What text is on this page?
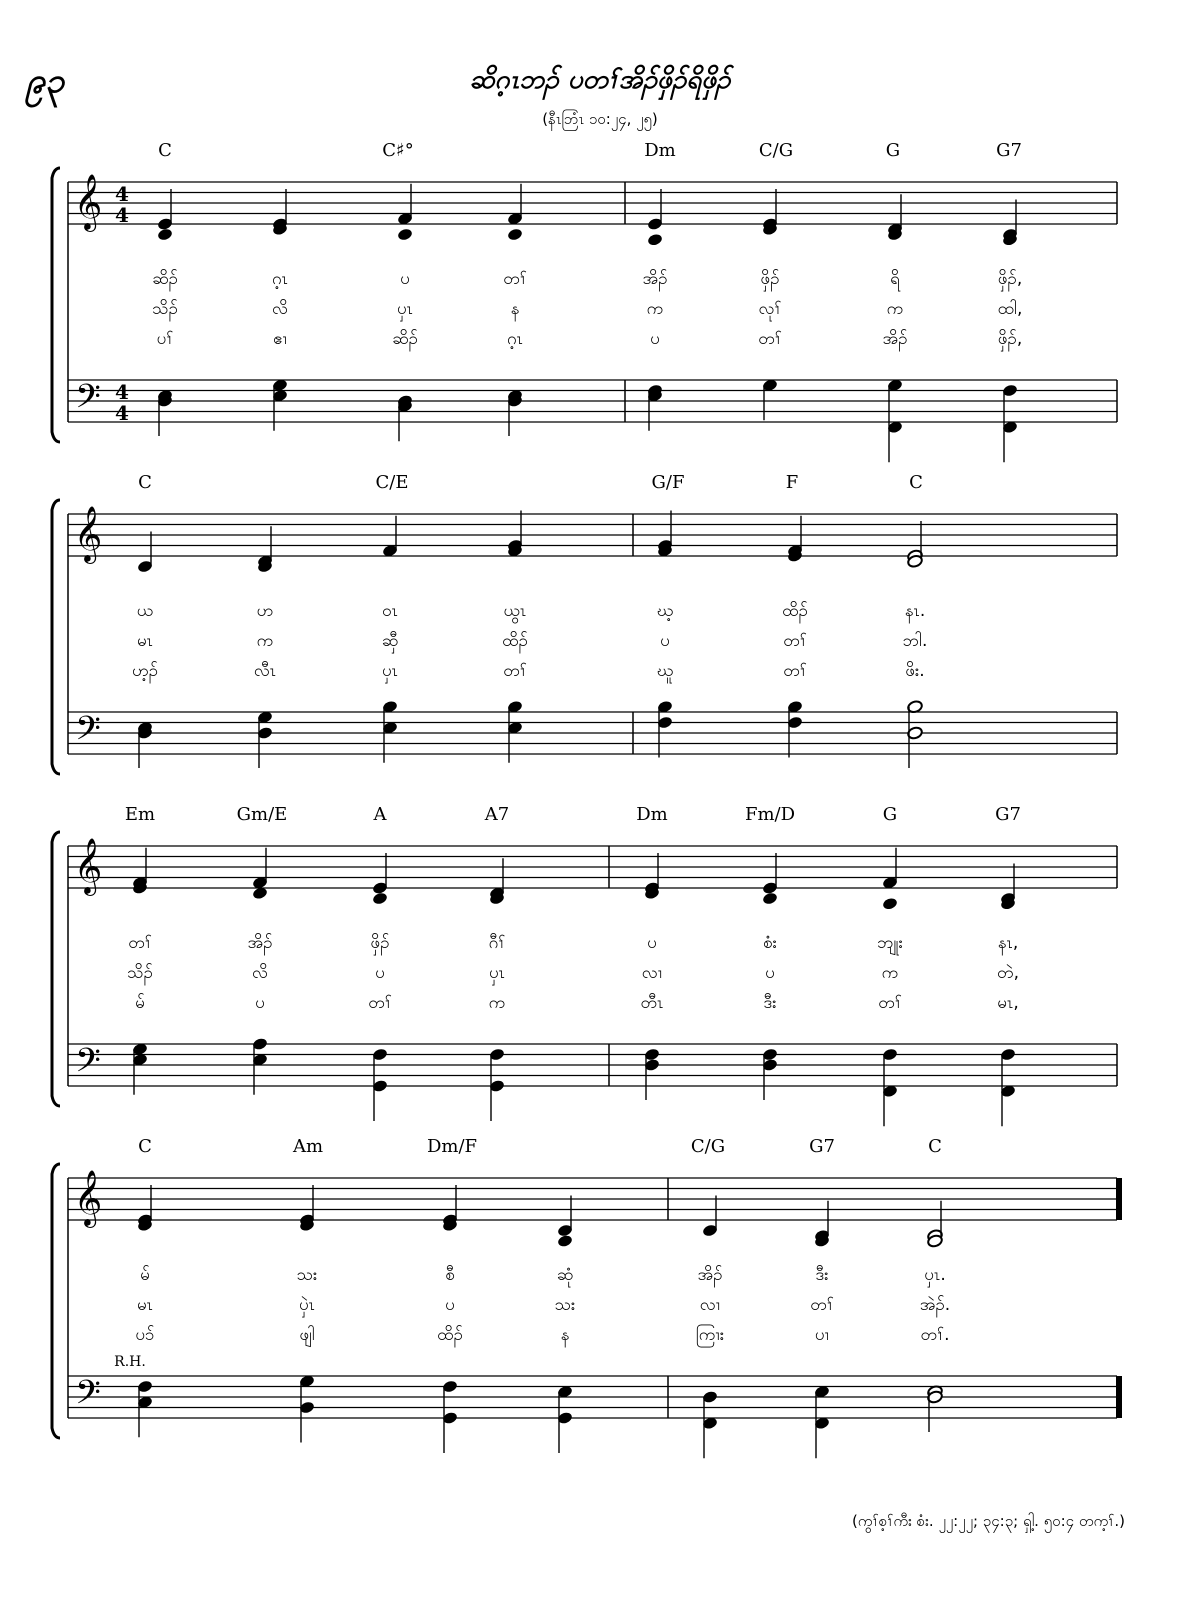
၉၃	ဆိဂ့ၤဘၣ် ပတၢ်အိၣ်ဖှိၣ်ရိဖှိၣ်
(နီၤဘြံၤ ၁၀:၂၄, ၂၅)
𝄞
𝄢
4
4
4
4
C	C♯°	Dm	C/G	G	G7
ဆိၣ်	ဂ့ၤ	ပ	တၢ်	အိၣ်	ဖှိၣ်	ရိ	ဖှိၣ်,
သိၣ်	လိ	ပှၤ	န	က	လုၢ်	က	ထါ,
ပၢ်	ဧၢ	ဆိၣ်	ဂ့ၤ	ပ	တၢ်	အိၣ်	ဖှိၣ်,
𝄞
𝄢
C	C/E	G/F	F	C
ယ	ဟ	ဝၤ	ယွၤ	ဃ့	ထိၣ်	နၤ.
မၤ	က	ဆှီ	ထိၣ်	ပ	တၢ်	ဘါ.
ဟ့ၣ်	လီၤ	ပှၤ	တၢ်	ဃူ	တၢ်	ဖိး.
𝄞
𝄢
Em	Gm/E	A	A7	Dm	Fm/D	G	G7
တၢ်	အိၣ်	ဖှိၣ်	ဂီၢ်	ပ	စံး	ဘျုး	နၤ,
သိၣ်	လိ	ပ	ပှၤ	လၢ	ပ	က	တဲ,
မ်	ပ	တၢ်	က	တီၤ	ဒီး	တၢ်	မၤ,
𝄞
𝄢
C	Am	Dm/F	C/G	G7	C
မ်	သး	စီ	ဆုံ	အိၣ်	ဒီး	ပှၤ.
မၤ	ပှဲၤ	ပ	သး	လၢ	တၢ်	အဲၣ်.
ပၥ်	ဖျါ	ထိၣ်	န	ကြၢး	ပၢ	တၢ်.
R.H.
(ကွၢ်စ့ၢ်ကီး စံး. ၂၂:၂၂; ၃၄:၃; ရှ့ါ. ၅၀:၄ တက့ၢ်.)
